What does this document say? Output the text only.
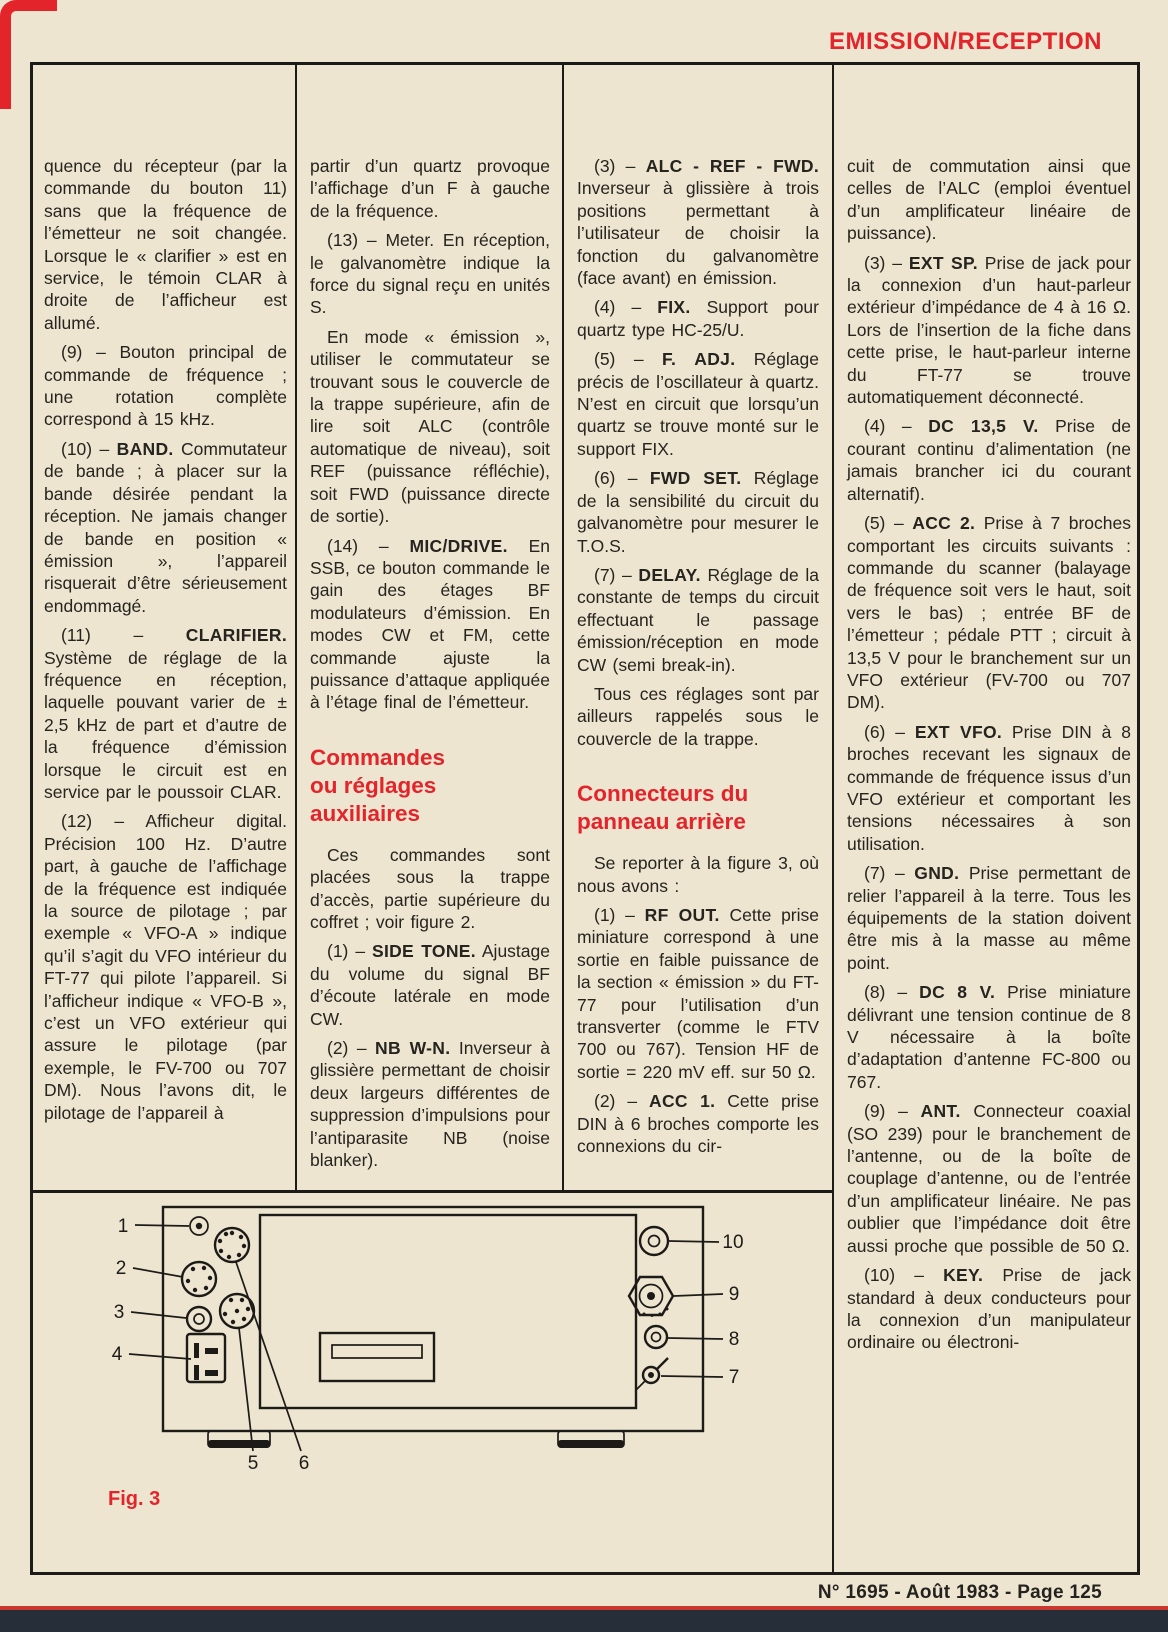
EMISSION/RECEPTION

quence du récepteur (par la commande du bouton 11) sans que la fréquence de l’émetteur ne soit changée. Lorsque le « clarifier » est en service, le témoin CLAR à droite de l’afficheur est allumé.

(9) – Bouton principal de commande de fréquence ; une rotation complète correspond à 15 kHz.

(10) – BAND. Commutateur de bande ; à placer sur la bande désirée pendant la réception. Ne jamais changer de bande en position « émission », l’appareil risquerait d’être sérieusement endommagé.

(11) – CLARIFIER. Système de réglage de la fréquence en réception, laquelle pouvant varier de ± 2,5 kHz de part et d’autre de la fréquence d’émission lorsque le circuit est en service par le poussoir CLAR.

(12) – Afficheur digital. Précision 100 Hz. D’autre part, à gauche de l’affichage de la fréquence est indiquée la source de pilotage ; par exemple « VFO-A » indique qu’il s’agit du VFO intérieur du FT-77 qui pilote l’appareil. Si l’afficheur indique « VFO-B », c’est un VFO extérieur qui assure le pilotage (par exemple, le FV-700 ou 707 DM). Nous l’avons dit, le pilotage de l’appareil à

partir d’un quartz provoque l’affichage d’un F à gauche de la fréquence.

(13) – Meter. En réception, le galvanomètre indique la force du signal reçu en unités S.

En mode « émission », utiliser le commutateur se trouvant sous le couvercle de la trappe supérieure, afin de lire soit ALC (contrôle automatique de niveau), soit REF (puissance réfléchie), soit FWD (puissance directe de sortie).

(14) – MIC/DRIVE. En SSB, ce bouton commande le gain des étages BF modulateurs d’émission. En modes CW et FM, cette commande ajuste la puissance d’attaque appliquée à l’étage final de l’émetteur.

Commandes
ou réglages
auxiliaires

Ces commandes sont placées sous la trappe d’accès, partie supérieure du coffret ; voir figure 2.

(1) – SIDE TONE. Ajustage du volume du signal BF d’écoute latérale en mode CW.

(2) – NB W-N. Inverseur à glissière permettant de choisir deux largeurs différentes de suppression d’impulsions pour l’antiparasite NB (noise blanker).

(3) – ALC - REF - FWD. Inverseur à glissière à trois positions permettant à l’utilisateur de choisir la fonction du galvanomètre (face avant) en émission.

(4) – FIX. Support pour quartz type HC-25/U.

(5) – F. ADJ. Réglage précis de l’oscillateur à quartz. N’est en circuit que lorsqu’un quartz se trouve monté sur le support FIX.

(6) – FWD SET. Réglage de la sensibilité du circuit du galvanomètre pour mesurer le T.O.S.

(7) – DELAY. Réglage de la constante de temps du circuit effectuant le passage émission/réception en mode CW (semi break-in).

Tous ces réglages sont par ailleurs rappelés sous le couvercle de la trappe.

Connecteurs du
panneau arrière

Se reporter à la figure 3, où nous avons :

(1) – RF OUT. Cette prise miniature correspond à une sortie en faible puissance de la section « émission » du FT-77 pour l’utilisation d’un transverter (comme le FTV 700 ou 767). Tension HF de sortie = 220 mV eff. sur 50 Ω.

(2) – ACC 1. Cette prise DIN à 6 broches comporte les connexions du cir-

cuit de commutation ainsi que celles de l’ALC (emploi éventuel d’un amplificateur linéaire de puissance).

(3) – EXT SP. Prise de jack pour la connexion d’un haut-parleur extérieur d’impédance de 4 à 16 Ω. Lors de l’insertion de la fiche dans cette prise, le haut-parleur interne du FT-77 se trouve automatiquement déconnecté.

(4) – DC 13,5 V. Prise de courant continu d’alimentation (ne jamais brancher ici du courant alternatif).

(5) – ACC 2. Prise à 7 broches comportant les circuits suivants : commande du scanner (balayage de fréquence soit vers le haut, soit vers le bas) ; entrée BF de l’émetteur ; pédale PTT ; circuit à 13,5 V pour le branchement sur un VFO extérieur (FV-700 ou 707 DM).

(6) – EXT VFO. Prise DIN à 8 broches recevant les signaux de commande de fréquence issus d’un VFO extérieur et comportant les tensions nécessaires à son utilisation.

(7) – GND. Prise permettant de relier l’appareil à la terre. Tous les équipements de la station doivent être mis à la masse au même point.

(8) – DC 8 V. Prise miniature délivrant une tension continue de 8 V nécessaire à la boîte d’adaptation d’antenne FC-800 ou 767.

(9) – ANT. Connecteur coaxial (SO 239) pour le branchement de l’antenne, ou de la boîte de couplage d’antenne, ou de l’entrée d’un amplificateur linéaire. Ne pas oublier que l’impédance doit être aussi proche que possible de 50 Ω.

(10) – KEY. Prise de jack standard à deux conducteurs pour la connexion d’un manipulateur ordinaire ou électroni-

1
2
3
4
5 6
7
8
9
10
Fig. 3
N° 1695 - Août 1983 - Page 125
